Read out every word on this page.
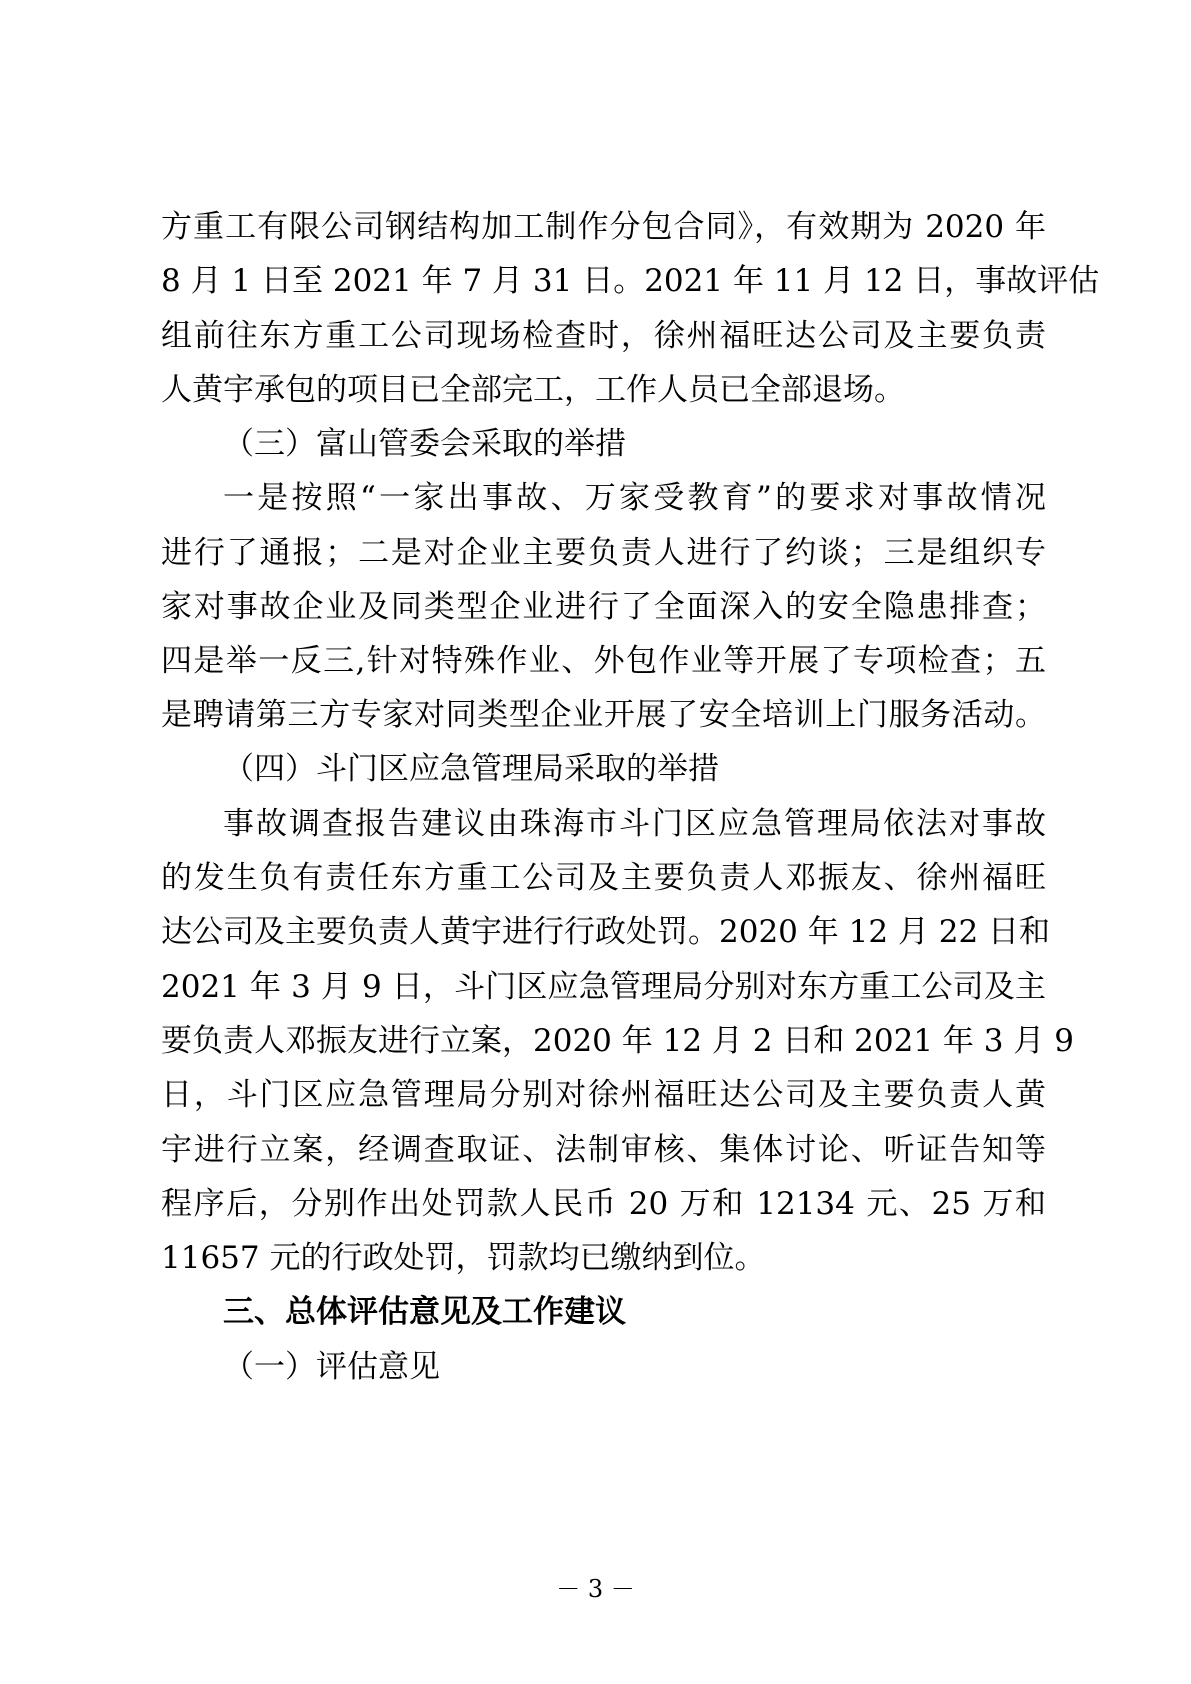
方重工有限公司钢结构加工制作分包合同》，有效期为 2020 年
8 月 1 日至 2021 年 7 月 31 日。2021 年 11 月 12 日，事故评估
组前往东方重工公司现场检查时，徐州福旺达公司及主要负责
人黄宇承包的项目已全部完工，工作人员已全部退场。
（三）富山管委会采取的举措
一是按照“一家出事故、万家受教育”的要求对事故情况
进行了通报；二是对企业主要负责人进行了约谈；三是组织专
家对事故企业及同类型企业进行了全面深入的安全隐患排查；
四是举一反三,针对特殊作业、外包作业等开展了专项检查；五
是聘请第三方专家对同类型企业开展了安全培训上门服务活动。
（四）斗门区应急管理局采取的举措
事故调查报告建议由珠海市斗门区应急管理局依法对事故
的发生负有责任东方重工公司及主要负责人邓振友、徐州福旺
达公司及主要负责人黄宇进行行政处罚。2020 年 12 月 22 日和
2021 年 3 月 9 日，斗门区应急管理局分别对东方重工公司及主
要负责人邓振友进行立案，2020 年 12 月 2 日和 2021 年 3 月 9
日，斗门区应急管理局分别对徐州福旺达公司及主要负责人黄
宇进行立案，经调查取证、法制审核、集体讨论、听证告知等
程序后，分别作出处罚款人民币 20 万和 12134 元、25 万和
11657 元的行政处罚，罚款均已缴纳到位。
三、总体评估意见及工作建议
（一）评估意见
－ 3 －
